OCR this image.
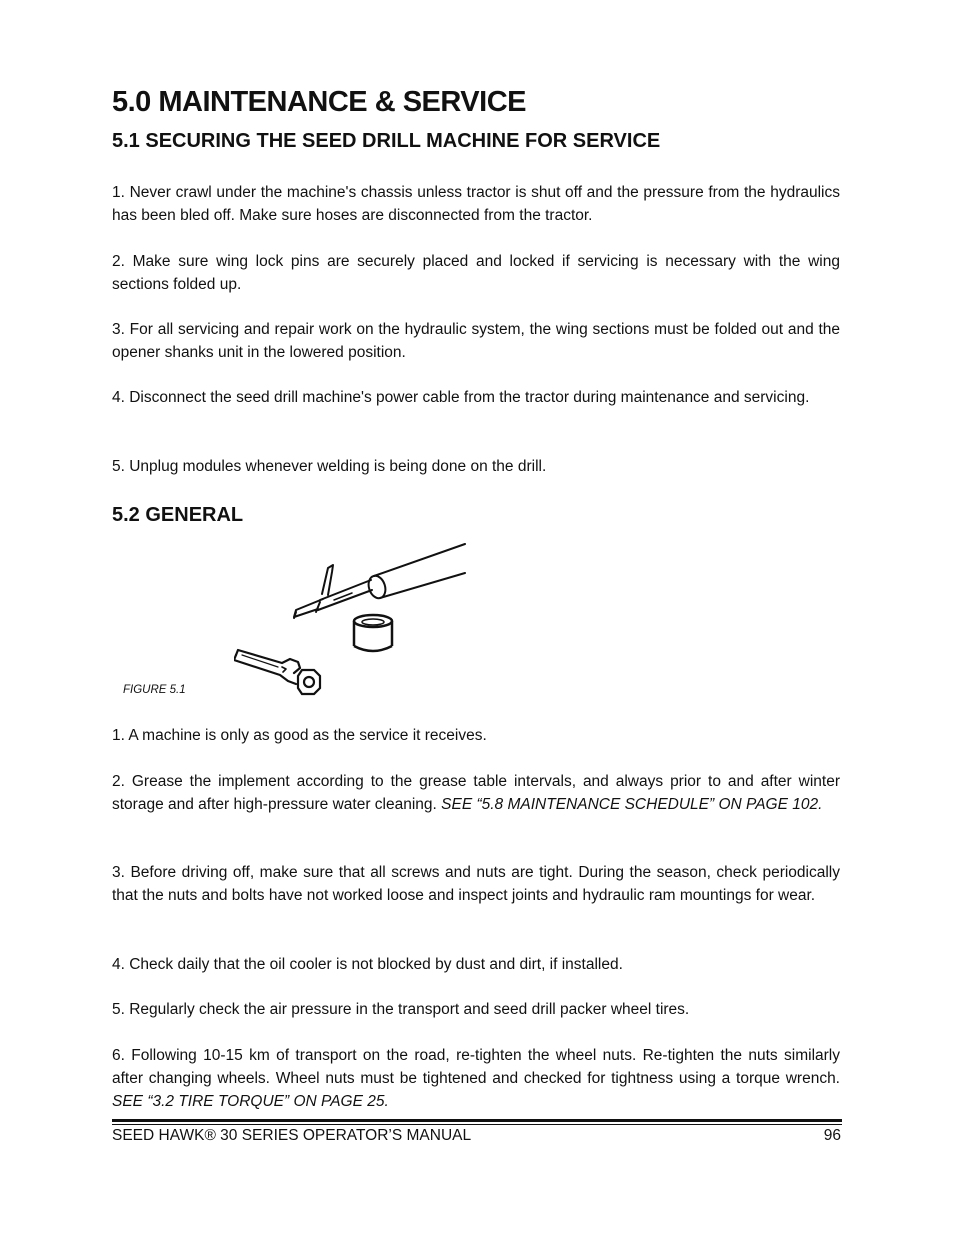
5.0 MAINTENANCE & SERVICE
5.1 SECURING THE SEED DRILL MACHINE FOR SERVICE

1. Never crawl under the machine's chassis unless tractor is shut off and the pressure from the hydraulics has been bled off. Make sure hoses are disconnected from the tractor.

2. Make sure wing lock pins are securely placed and locked if servicing is necessary with the wing sections folded up.

3. For all servicing and repair work on the hydraulic system, the wing sections must be folded out and the opener shanks unit in the lowered position.

4. Disconnect the seed drill machine's power cable from the tractor during maintenance and servicing.

5. Unplug modules whenever welding is being done on the drill.

5.2 GENERAL
FIGURE 5.1

1. A machine is only as good as the service it receives.

2. Grease the implement according to the grease table intervals, and always prior to and after winter storage and after high-pressure water cleaning. SEE “5.8 MAINTENANCE SCHEDULE” ON PAGE 102.

3. Before driving off, make sure that all screws and nuts are tight. During the season, check periodically that the nuts and bolts have not worked loose and inspect joints and hydraulic ram mountings for wear.

4. Check daily that the oil cooler is not blocked by dust and dirt, if installed.

5. Regularly check the air pressure in the transport and seed drill packer wheel tires.

6. Following 10-15 km of transport on the road, re-tighten the wheel nuts. Re-tighten the nuts similarly after changing wheels. Wheel nuts must be tightened and checked for tightness using a torque wrench. SEE “3.2 TIRE TORQUE” ON PAGE 25.

SEED HAWK® 30 SERIES OPERATOR’S MANUAL	96
